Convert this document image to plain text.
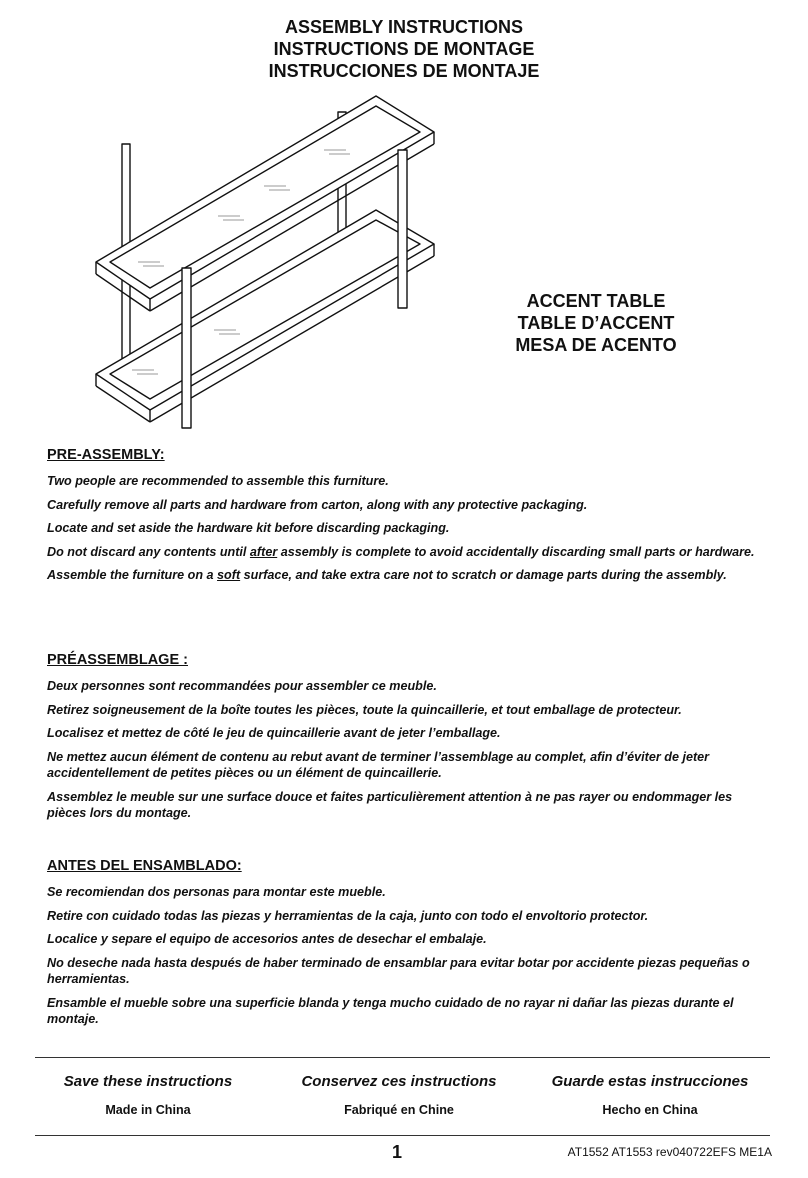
ASSEMBLY INSTRUCTIONS
INSTRUCTIONS DE MONTAGE
INSTRUCCIONES DE MONTAJE
ACCENT TABLE
TABLE D’ACCENT
MESA DE ACENTO
PRE-ASSEMBLY:

Two people are recommended to assemble this furniture.

Carefully remove all parts and hardware from carton, along with any protective packaging.

Locate and set aside the hardware kit before discarding packaging.

Do not discard any contents until after assembly is complete to avoid accidentally discarding small parts or hardware.

Assemble the furniture on a soft surface, and take extra care not to scratch or damage parts during the assembly.

PRÉASSEMBLAGE :

Deux personnes sont recommandées pour assembler ce meuble.

Retirez soigneusement de la boîte toutes les pièces, toute la quincaillerie, et tout emballage de protecteur.

Localisez et mettez de côté le jeu de quincaillerie avant de jeter l’emballage.

Ne mettez aucun élément de contenu au rebut avant de terminer l’assemblage au complet, afin d’éviter de jeter accidentellement de petites pièces ou un élément de quincaillerie.

Assemblez le meuble sur une surface douce et faites particulièrement attention à ne pas rayer ou endommager les pièces lors du montage.

ANTES DEL ENSAMBLADO:

Se recomiendan dos personas para montar este mueble.

Retire con cuidado todas las piezas y herramientas de la caja, junto con todo el envoltorio protector.

Localice y separe el equipo de accesorios antes de desechar el embalaje.

No deseche nada hasta después de haber terminado de ensamblar para evitar botar por accidente piezas pequeñas o herramientas.

Ensamble el mueble sobre una superficie blanda y tenga mucho cuidado de no rayar ni dañar las piezas durante el montaje.

Save these instructions
Made in China
Conservez ces instructions
Fabriqué en Chine
Guarde estas instrucciones
Hecho en China
1	AT1552 AT1553 rev040722EFS ME1A
